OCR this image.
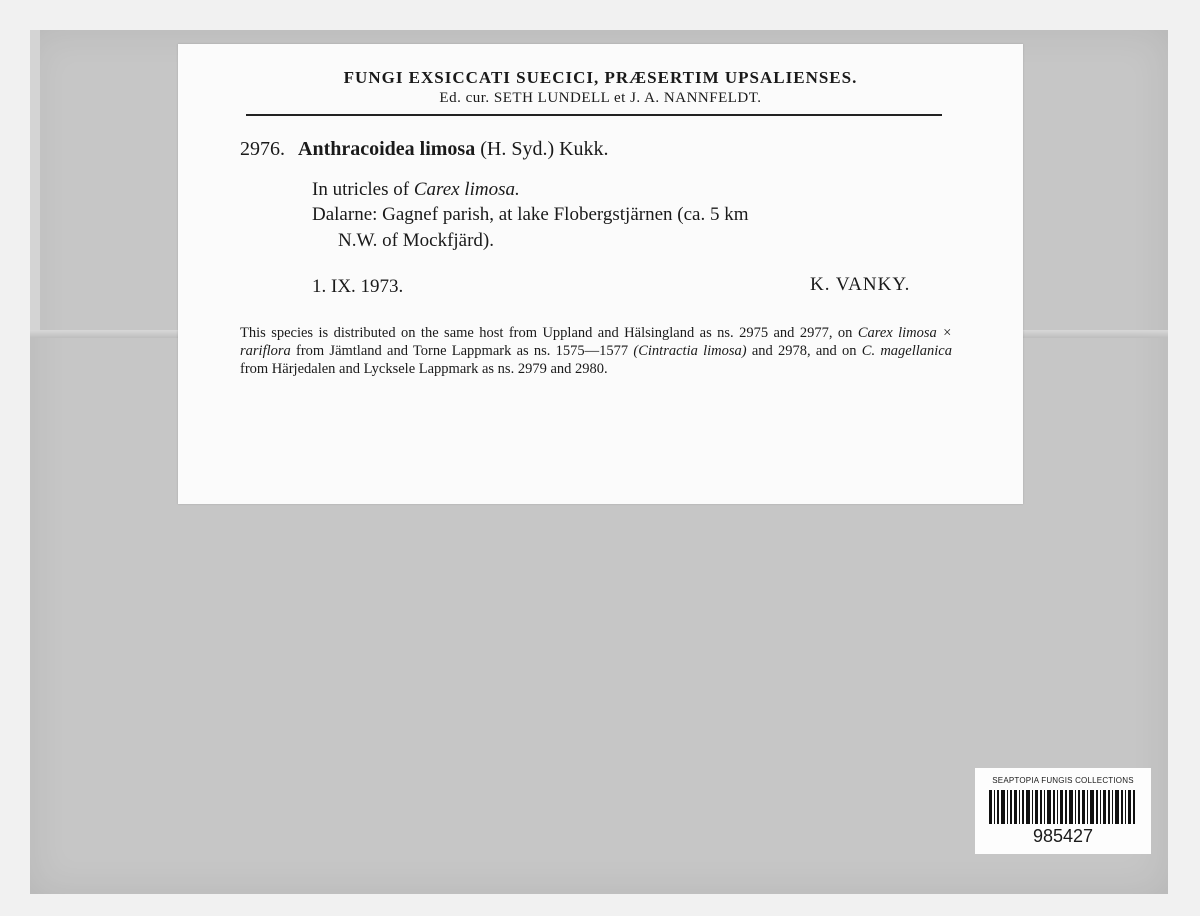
FUNGI EXSICCATI SUECICI, PRÆSERTIM UPSALIENSES.
Ed. cur. SETH LUNDELL et J. A. NANNFELDT.
2976. Anthracoidea limosa (H. Syd.) Kukk.
In utricles of Carex limosa.
Dalarne: Gagnef parish, at lake Flobergstjärnen (ca. 5 km
N.W. of Mockfjärd).
1. IX. 1973.	K. VANKY.
This species is distributed on the same host from Uppland and Hälsingland as ns. 2975 and 2977, on Carex limosa × rariflora from Jämtland and Torne Lappmark as ns. 1575—1577 (Cintractia limosa) and 2978, and on C. magellanica from Härjedalen and Lycksele Lappmark as ns. 2979 and 2980.
SEAPTOPIA FUNGIS COLLECTIONS
985427
